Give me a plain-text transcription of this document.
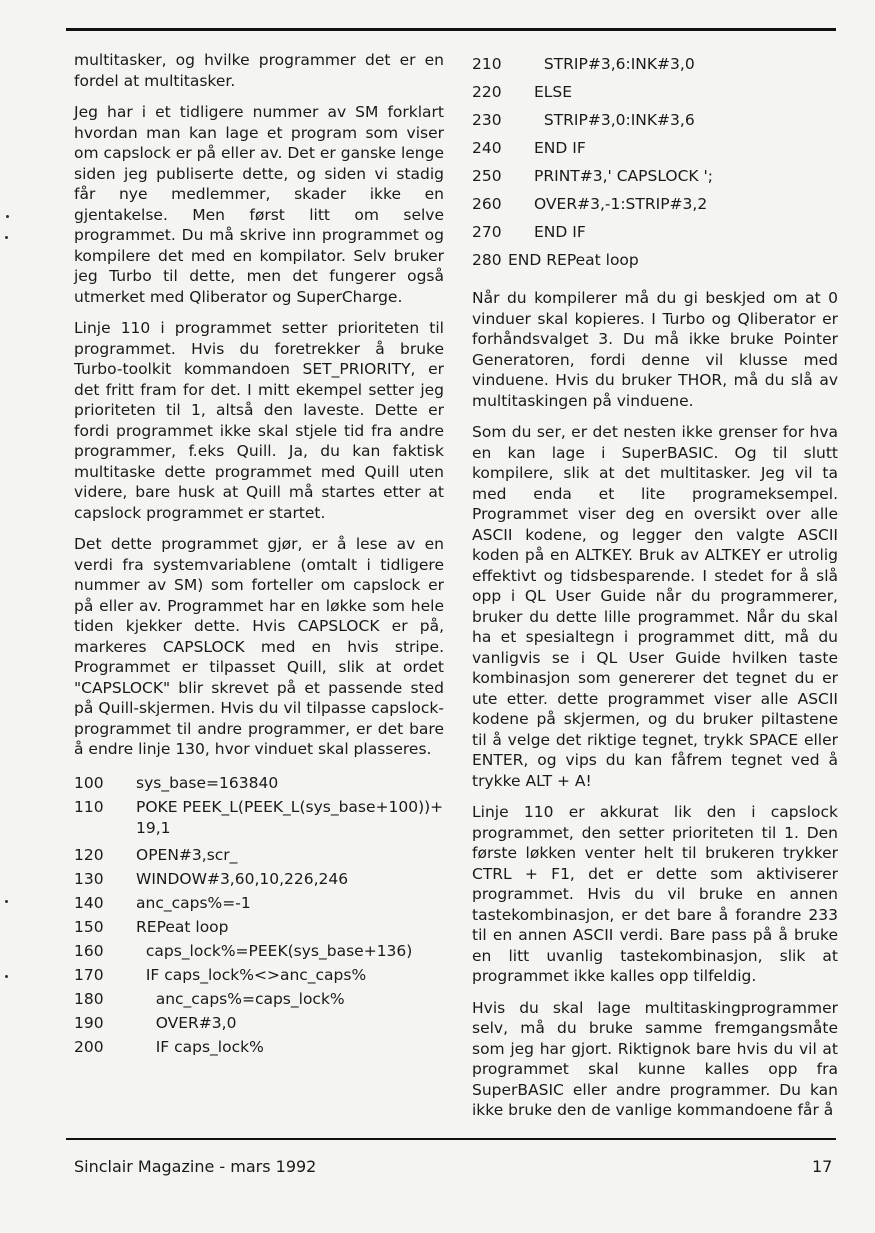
multitasker, og hvilke programmer det er en fordel at multitasker.

Jeg har i et tidligere nummer av SM forklart hvordan man kan lage et program som viser om capslock er på eller av. Det er ganske lenge siden jeg publiserte dette, og siden vi stadig får nye medlemmer, skader ikke en gjentakelse. Men først litt om selve programmet. Du må skrive inn programmet og kompilere det med en kompilator. Selv bruker jeg Turbo til dette, men det fungerer også utmerket med Qliberator og SuperCharge.

Linje 110 i programmet setter prioriteten til programmet. Hvis du foretrekker å bruke Turbo-toolkit kommandoen SET_PRIORITY, er det fritt fram for det. I mitt ekempel setter jeg prioriteten til 1, altså den laveste. Dette er fordi programmet ikke skal stjele tid fra andre programmer, f.eks Quill. Ja, du kan faktisk multitaske dette programmet med Quill uten videre, bare husk at Quill må startes etter at capslock programmet er startet.

Det dette programmet gjør, er å lese av en verdi fra systemvariablene (omtalt i tidligere nummer av SM) som forteller om capslock er på eller av. Programmet har en løkke som hele tiden kjekker dette. Hvis CAPSLOCK er på, markeres CAPSLOCK med en hvis stripe. Programmet er tilpasset Quill, slik at ordet "CAPSLOCK" blir skrevet på et passende sted på Quill-skjermen. Hvis du vil tilpasse capslock-programmet til andre programmer, er det bare å endre linje 130, hvor vinduet skal plasseres.

100	sys_base=163840
110	POKE PEEK_L(PEEK_L(sys_base+100))+19,1
120	OPEN#3,scr_
130	WINDOW#3,60,10,226,246
140	anc_caps%=-1
150	REPeat loop
160	caps_lock%=PEEK(sys_base+136)
170	IF caps_lock%<>anc_caps%
180	anc_caps%=caps_lock%
190	OVER#3,0
200	IF caps_lock%
210	STRIP#3,6:INK#3,0
220	ELSE
230	STRIP#3,0:INK#3,6
240	END IF
250	PRINT#3,' CAPSLOCK ';
260	OVER#3,-1:STRIP#3,2
270	END IF
280 END REPeat loop

Når du kompilerer må du gi beskjed om at 0 vinduer skal kopieres. I Turbo og Qliberator er forhåndsvalget 3. Du må ikke bruke Pointer Generatoren, fordi denne vil klusse med vinduene. Hvis du bruker THOR, må du slå av multitaskingen på vinduene.

Som du ser, er det nesten ikke grenser for hva en kan lage i SuperBASIC. Og til slutt kompilere, slik at det multitasker. Jeg vil ta med enda et lite programeksempel. Programmet viser deg en oversikt over alle ASCII kodene, og legger den valgte ASCII koden på en ALTKEY. Bruk av ALTKEY er utrolig effektivt og tidsbesparende. I stedet for å slå opp i QL User Guide når du programmerer, bruker du dette lille programmet. Når du skal ha et spesialtegn i programmet ditt, må du vanligvis se i QL User Guide hvilken taste kombinasjon som genererer det tegnet du er ute etter. dette programmet viser alle ASCII kodene på skjermen, og du bruker piltastene til å velge det riktige tegnet, trykk SPACE eller ENTER, og vips du kan fåfrem tegnet ved å trykke ALT + A!

Linje 110 er akkurat lik den i capslock programmet, den setter prioriteten til 1. Den første løkken venter helt til brukeren trykker CTRL + F1, det er dette som aktiviserer programmet. Hvis du vil bruke en annen tastekombinasjon, er det bare å forandre 233 til en annen ASCII verdi. Bare pass på å bruke en litt uvanlig tastekombinasjon, slik at programmet ikke kalles opp tilfeldig.

Hvis du skal lage multitaskingprogrammer selv, må du bruke samme fremgangsmåte som jeg har gjort. Riktignok bare hvis du vil at programmet skal kunne kalles opp fra SuperBASIC eller andre programmer. Du kan ikke bruke den de vanlige kommandoene får å

Sinclair Magazine - mars 1992	17
